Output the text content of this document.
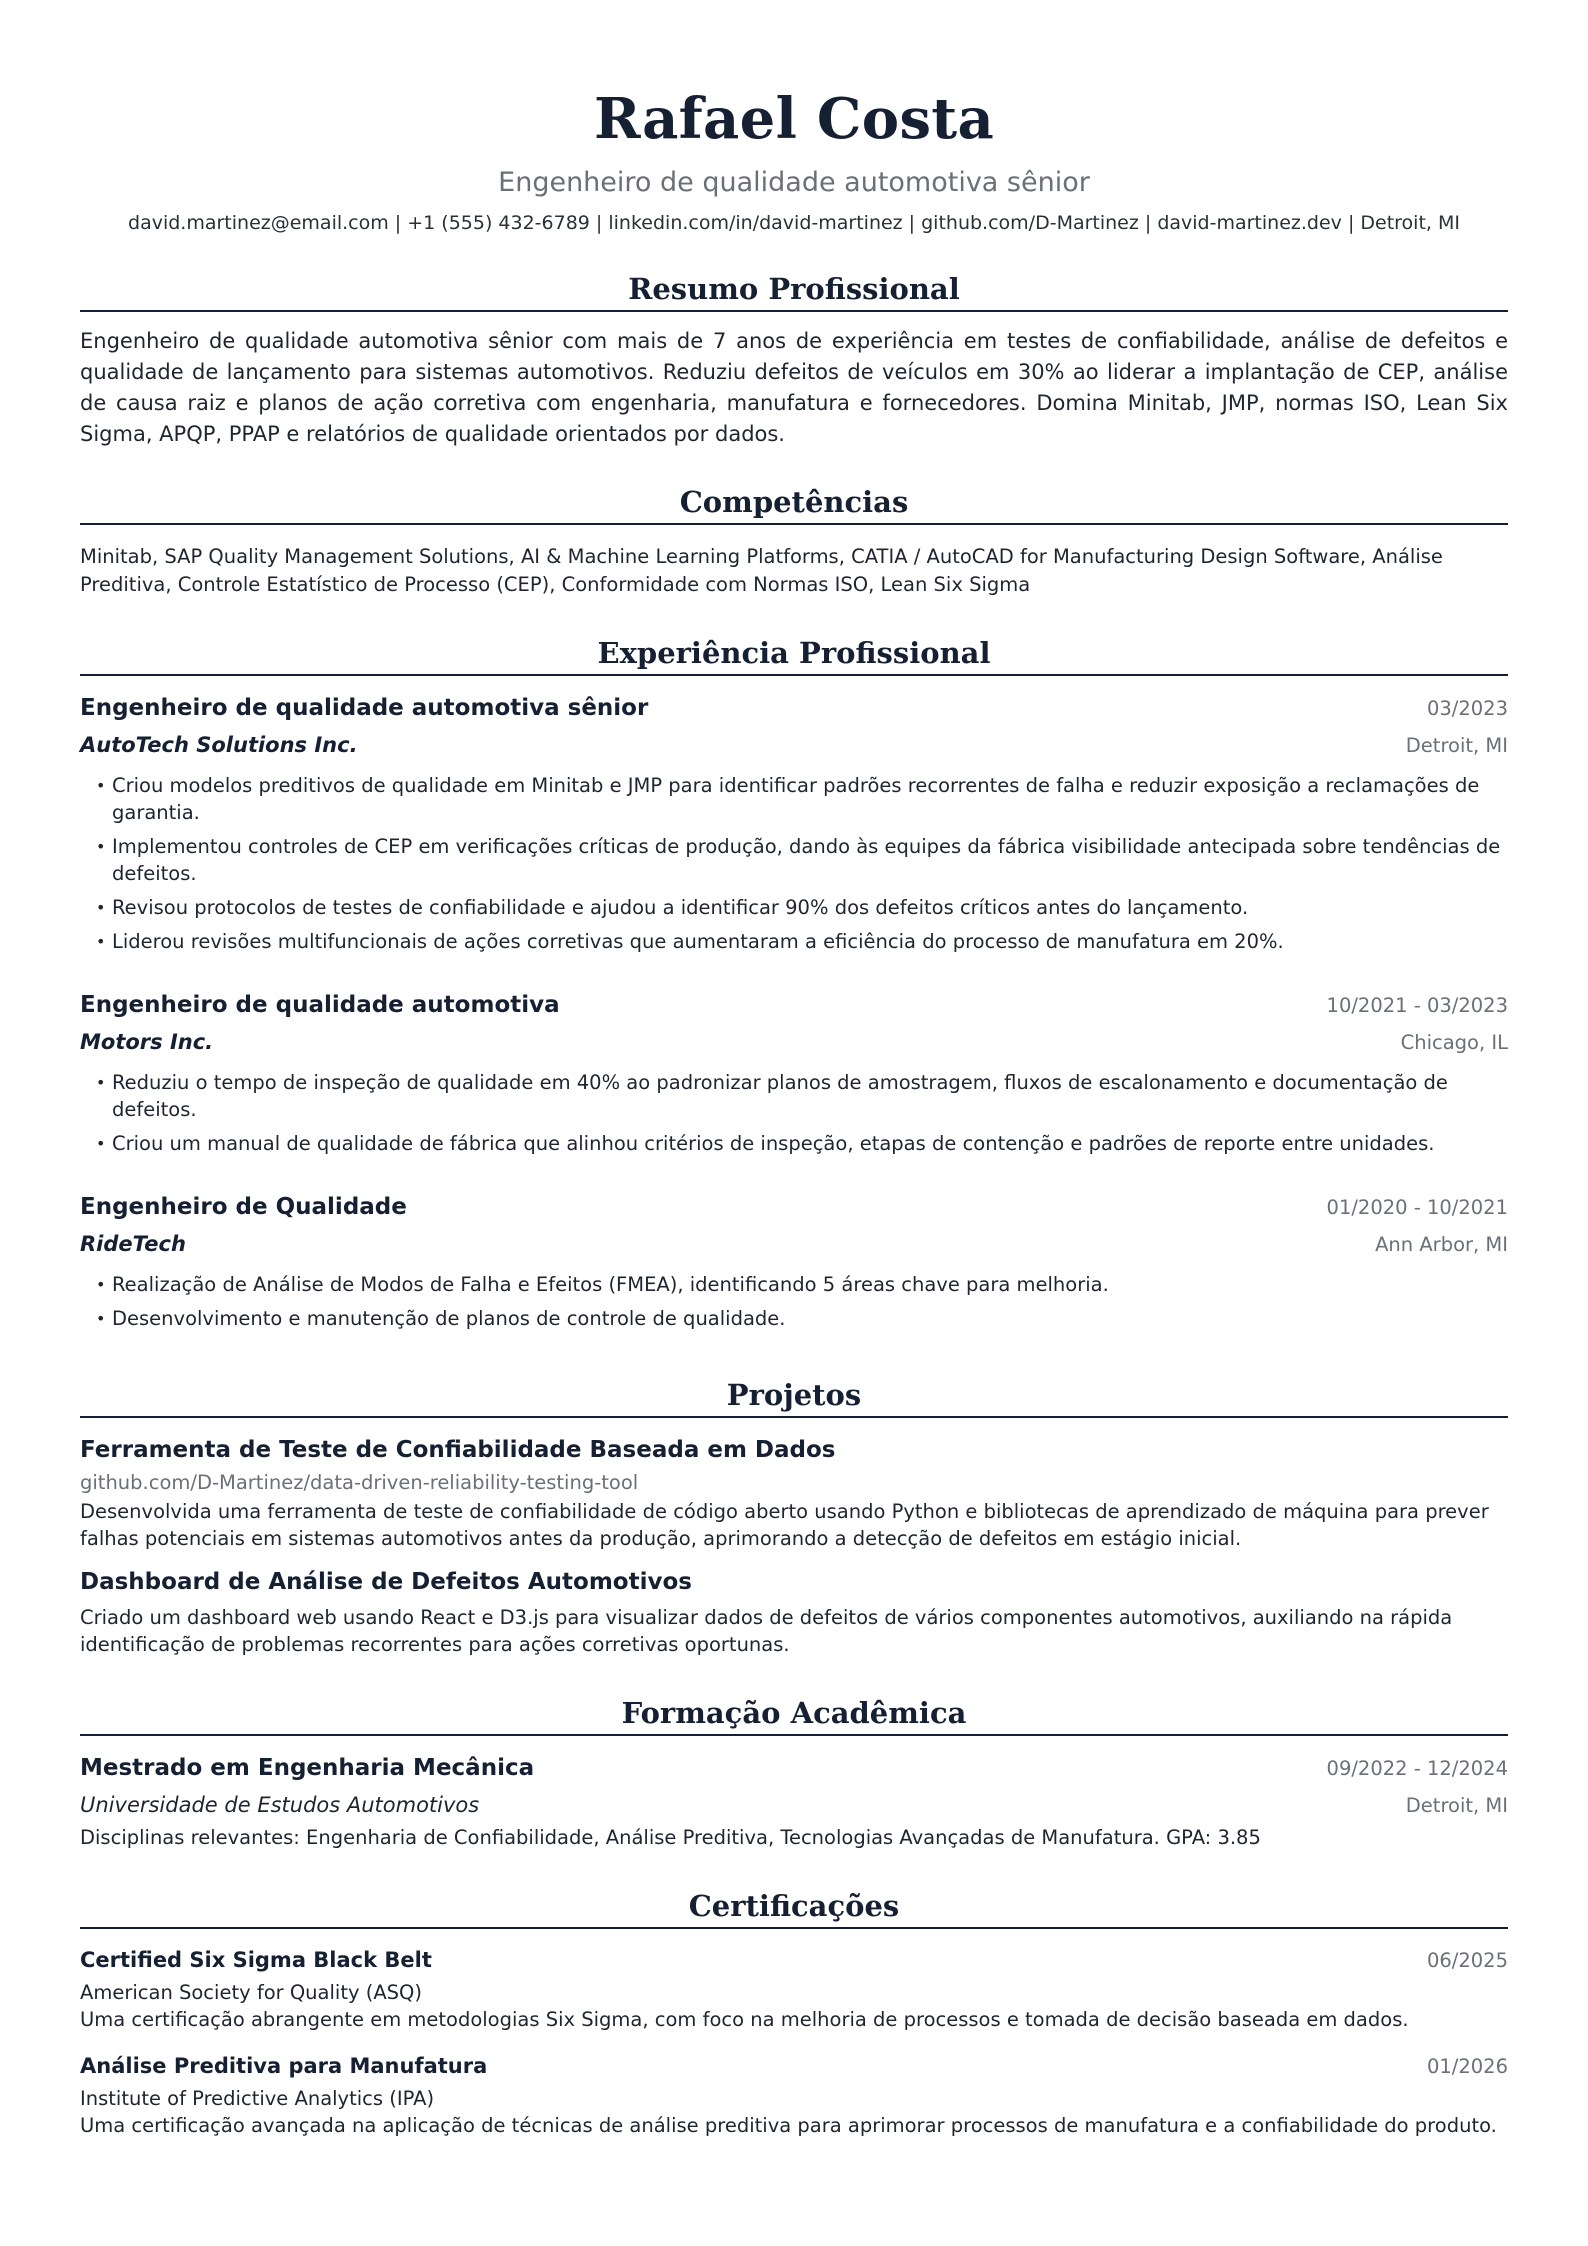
Rafael Costa
Engenheiro de qualidade automotiva sênior
david.martinez@email.com | +1 (555) 432-6789 | linkedin.com/in/david-martinez | github.com/D-Martinez | david-martinez.dev | Detroit, MI
Resumo Profissional
Engenheiro de qualidade automotiva sênior com mais de 7 anos de experiência em testes de confiabilidade, análise de defeitos e qualidade de lançamento para sistemas automotivos. Reduziu defeitos de veículos em 30% ao liderar a implantação de CEP, análise de causa raiz e planos de ação corretiva com engenharia, manufatura e fornecedores. Domina Minitab, JMP, normas ISO, Lean Six Sigma, APQP, PPAP e relatórios de qualidade orientados por dados.
Competências
Minitab, SAP Quality Management Solutions, AI & Machine Learning Platforms, CATIA / AutoCAD for Manufacturing Design Software, Análise Preditiva, Controle Estatístico de Processo (CEP), Conformidade com Normas ISO, Lean Six Sigma
Experiência Profissional
Engenheiro de qualidade automotiva sênior	03/2023
AutoTech Solutions Inc.	Detroit, MI
• Criou modelos preditivos de qualidade em Minitab e JMP para identificar padrões recorrentes de falha e reduzir exposição a reclamações de garantia.
• Implementou controles de CEP em verificações críticas de produção, dando às equipes da fábrica visibilidade antecipada sobre tendências de defeitos.
• Revisou protocolos de testes de confiabilidade e ajudou a identificar 90% dos defeitos críticos antes do lançamento.
• Liderou revisões multifuncionais de ações corretivas que aumentaram a eficiência do processo de manufatura em 20%.
Engenheiro de qualidade automotiva	10/2021 - 03/2023
Motors Inc.	Chicago, IL
• Reduziu o tempo de inspeção de qualidade em 40% ao padronizar planos de amostragem, fluxos de escalonamento e documentação de defeitos.
• Criou um manual de qualidade de fábrica que alinhou critérios de inspeção, etapas de contenção e padrões de reporte entre unidades.
Engenheiro de Qualidade	01/2020 - 10/2021
RideTech	Ann Arbor, MI
• Realização de Análise de Modos de Falha e Efeitos (FMEA), identificando 5 áreas chave para melhoria.
• Desenvolvimento e manutenção de planos de controle de qualidade.
Projetos
Ferramenta de Teste de Confiabilidade Baseada em Dados
github.com/D-Martinez/data-driven-reliability-testing-tool
Desenvolvida uma ferramenta de teste de confiabilidade de código aberto usando Python e bibliotecas de aprendizado de máquina para prever falhas potenciais em sistemas automotivos antes da produção, aprimorando a detecção de defeitos em estágio inicial.
Dashboard de Análise de Defeitos Automotivos
Criado um dashboard web usando React e D3.js para visualizar dados de defeitos de vários componentes automotivos, auxiliando na rápida identificação de problemas recorrentes para ações corretivas oportunas.
Formação Acadêmica
Mestrado em Engenharia Mecânica	09/2022 - 12/2024
Universidade de Estudos Automotivos	Detroit, MI
Disciplinas relevantes: Engenharia de Confiabilidade, Análise Preditiva, Tecnologias Avançadas de Manufatura. GPA: 3.85
Certificações
Certified Six Sigma Black Belt	06/2025
American Society for Quality (ASQ)
Uma certificação abrangente em metodologias Six Sigma, com foco na melhoria de processos e tomada de decisão baseada em dados.
Análise Preditiva para Manufatura	01/2026
Institute of Predictive Analytics (IPA)
Uma certificação avançada na aplicação de técnicas de análise preditiva para aprimorar processos de manufatura e a confiabilidade do produto.
